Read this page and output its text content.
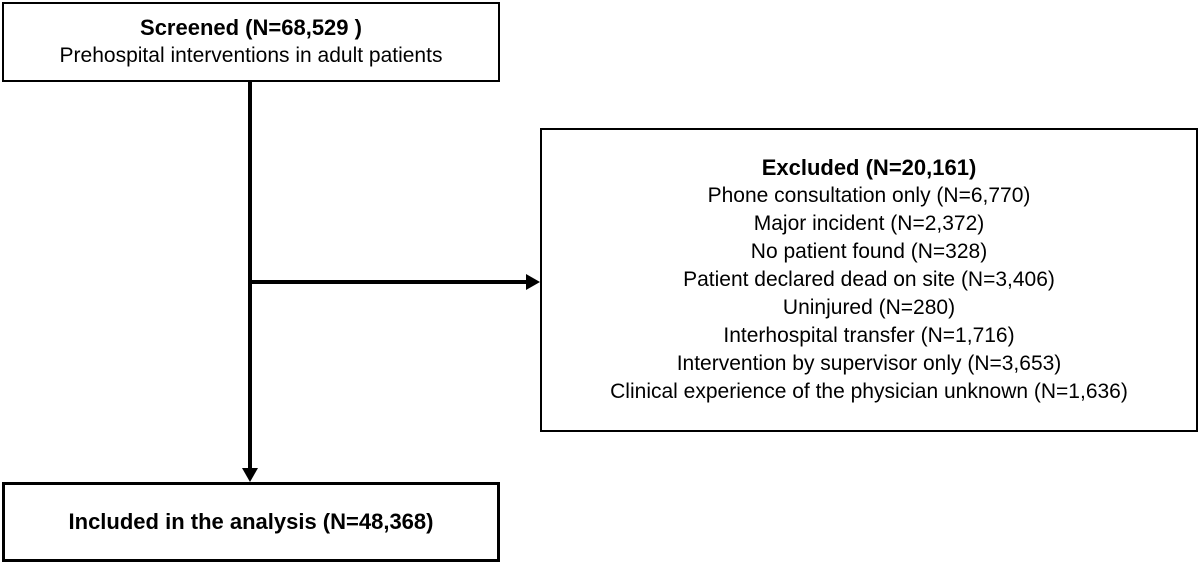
Screened (N=68,529 )
Prehospital interventions in adult patients
Excluded (N=20,161)
Phone consultation only (N=6,770)
Major incident (N=2,372)
No patient found (N=328)
Patient declared dead on site (N=3,406)
Uninjured (N=280)
Interhospital transfer (N=1,716)
Intervention by supervisor only (N=3,653)
Clinical experience of the physician unknown (N=1,636)
Included in the analysis (N=48,368)
